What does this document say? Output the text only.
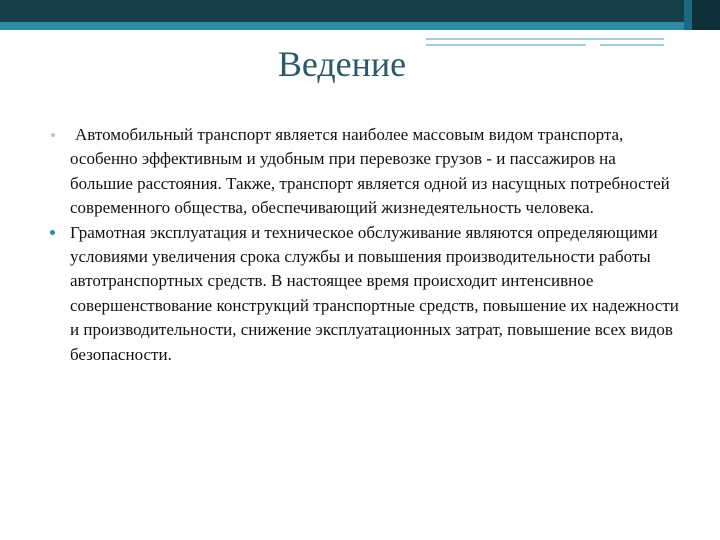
Ведение
Автомобильный транспорт является наиболее массовым видом транспорта, особенно эффективным и удобным при перевозке грузов - и пассажиров на большие расстояния. Также, транспорт является одной из насущных потребностей современного общества, обеспечивающий жизнедеятельность человека.
Грамотная эксплуатация и техническое обслуживание являются определяющими условиями увеличения срока службы и повышения производительности работы автотранспортных средств. В настоящее время происходит интенсивное совершенствование конструкций транспортные средств, повышение их надежности и производительности, снижение эксплуатационных затрат, повышение всех видов безопасности.
